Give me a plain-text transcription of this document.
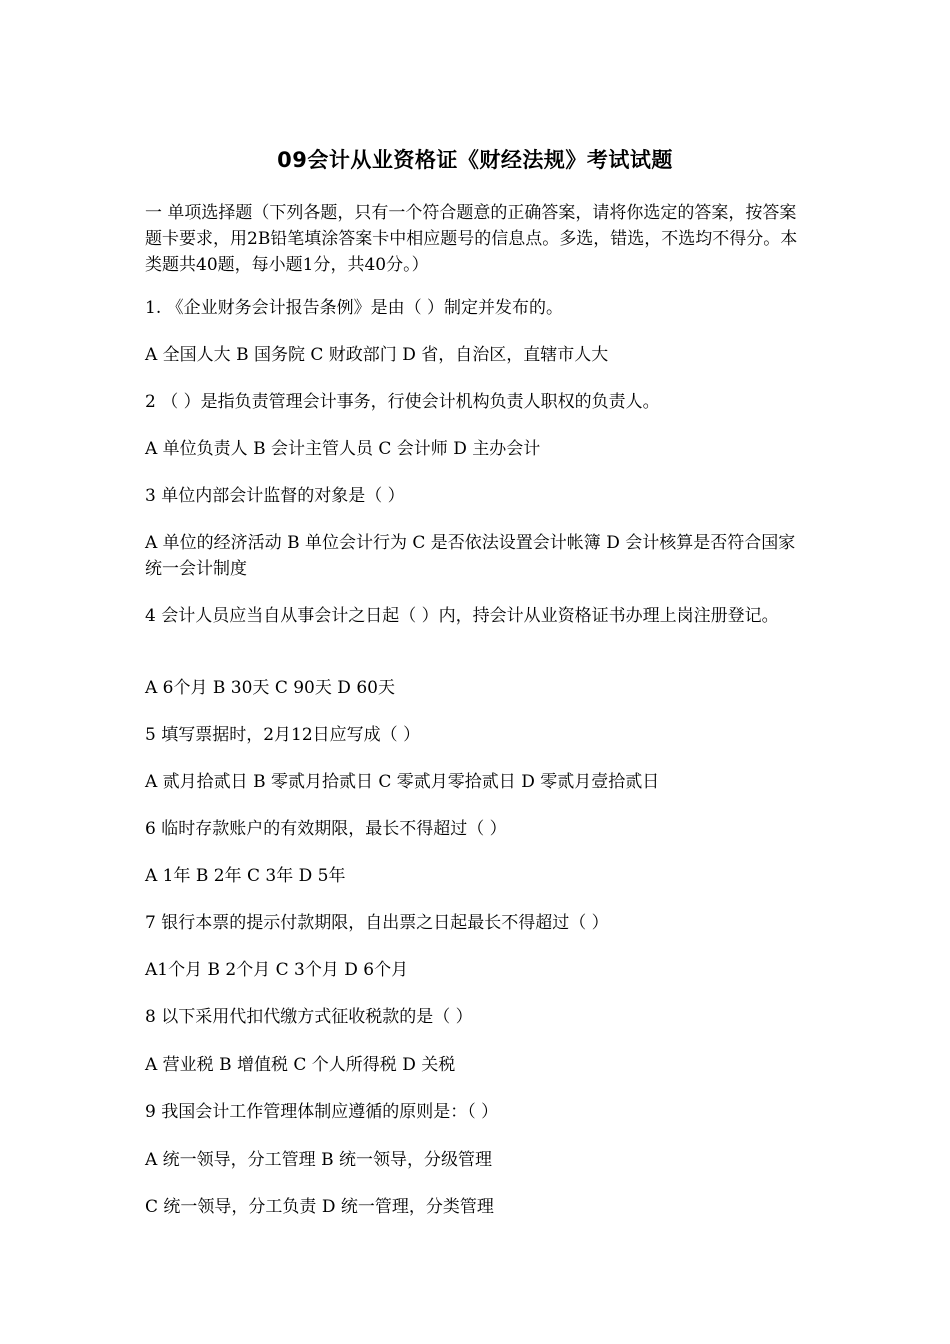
09会计从业资格证《财经法规》考试试题
一 单项选择题（下列各题，只有一个符合题意的正确答案，请将你选定的答案，按答案题卡要求，用2B铅笔填涂答案卡中相应题号的信息点。多选，错选，不选均不得分。本类题共40题，每小题1分，共40分。）
1. 《企业财务会计报告条例》是由（ ）制定并发布的。
A 全国人大 B 国务院 C 财政部门 D 省，自治区，直辖市人大
2 （ ）是指负责管理会计事务，行使会计机构负责人职权的负责人。
A 单位负责人 B 会计主管人员 C 会计师 D 主办会计
3 单位内部会计监督的对象是（ ）
A 单位的经济活动 B 单位会计行为 C 是否依法设置会计帐簿 D 会计核算是否符合国家统一会计制度
4 会计人员应当自从事会计之日起（ ）内，持会计从业资格证书办理上岗注册登记。
A 6个月 B 30天 C 90天 D 60天
5 填写票据时，2月12日应写成（ ）
A 贰月拾贰日 B 零贰月拾贰日 C 零贰月零拾贰日 D 零贰月壹拾贰日
6 临时存款账户的有效期限，最长不得超过（ ）
A 1年 B 2年 C 3年 D 5年
7 银行本票的提示付款期限，自出票之日起最长不得超过（ ）
A1个月 B 2个月 C 3个月 D 6个月
8 以下采用代扣代缴方式征收税款的是（ ）
A 营业税 B 增值税 C 个人所得税 D 关税
9 我国会计工作管理体制应遵循的原则是：（ ）
A 统一领导，分工管理 B 统一领导，分级管理
C 统一领导，分工负责 D 统一管理，分类管理
